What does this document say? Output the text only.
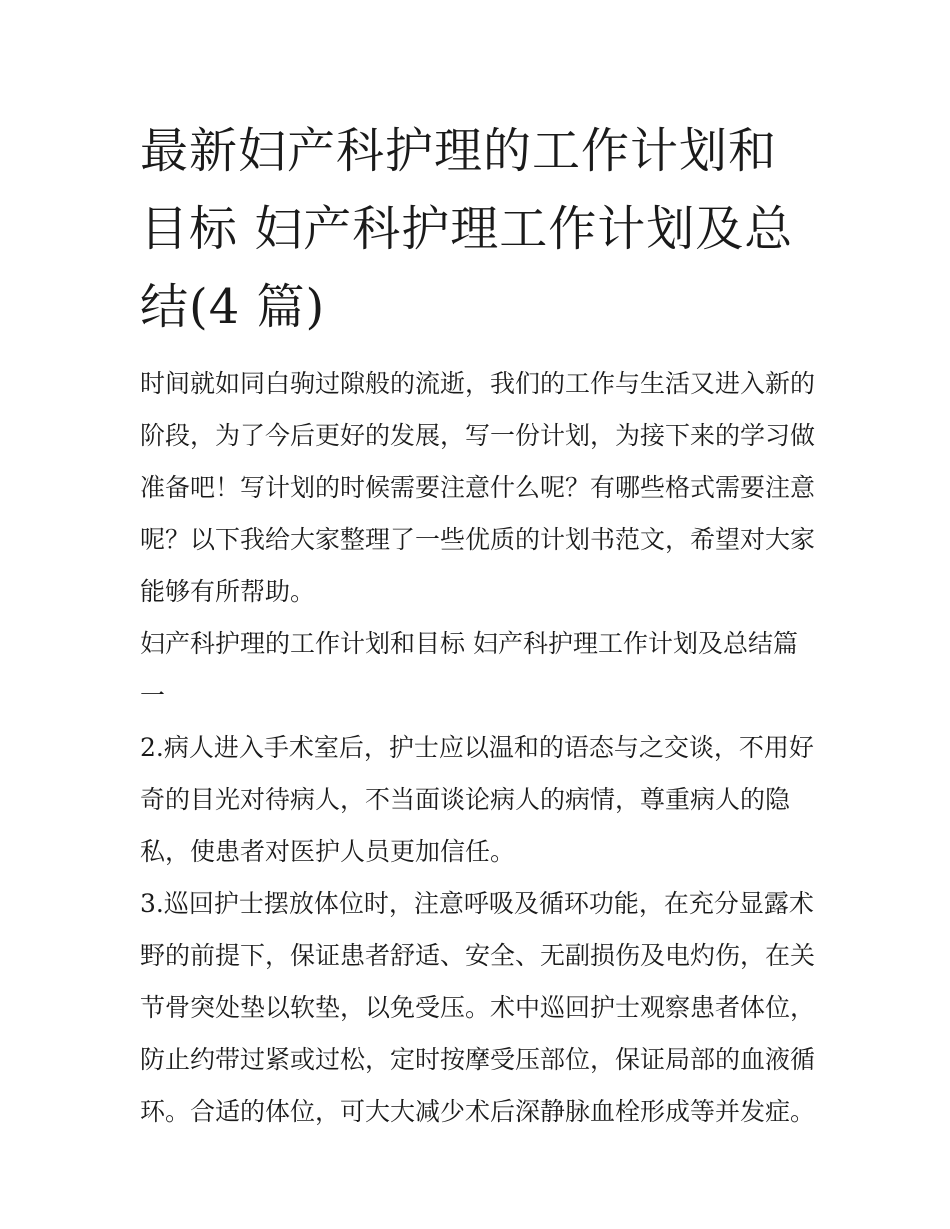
最新妇产科护理的工作计划和
目标 妇产科护理工作计划及总
结(4 篇)

时间就如同白驹过隙般的流逝，我们的工作与生活又进入新的
阶段，为了今后更好的发展，写一份计划，为接下来的学习做
准备吧！写计划的时候需要注意什么呢？有哪些格式需要注意
呢？以下我给大家整理了一些优质的计划书范文，希望对大家
能够有所帮助。

妇产科护理的工作计划和目标 妇产科护理工作计划及总结篇
一

2.病人进入手术室后，护士应以温和的语态与之交谈，不用好
奇的目光对待病人，不当面谈论病人的病情，尊重病人的隐
私，使患者对医护人员更加信任。

3.巡回护士摆放体位时，注意呼吸及循环功能，在充分显露术
野的前提下，保证患者舒适、安全、无副损伤及电灼伤，在关
节骨突处垫以软垫，以免受压。术中巡回护士观察患者体位，
防止约带过紧或过松，定时按摩受压部位，保证局部的血液循
环。合适的体位，可大大减少术后深静脉血栓形成等并发症。
